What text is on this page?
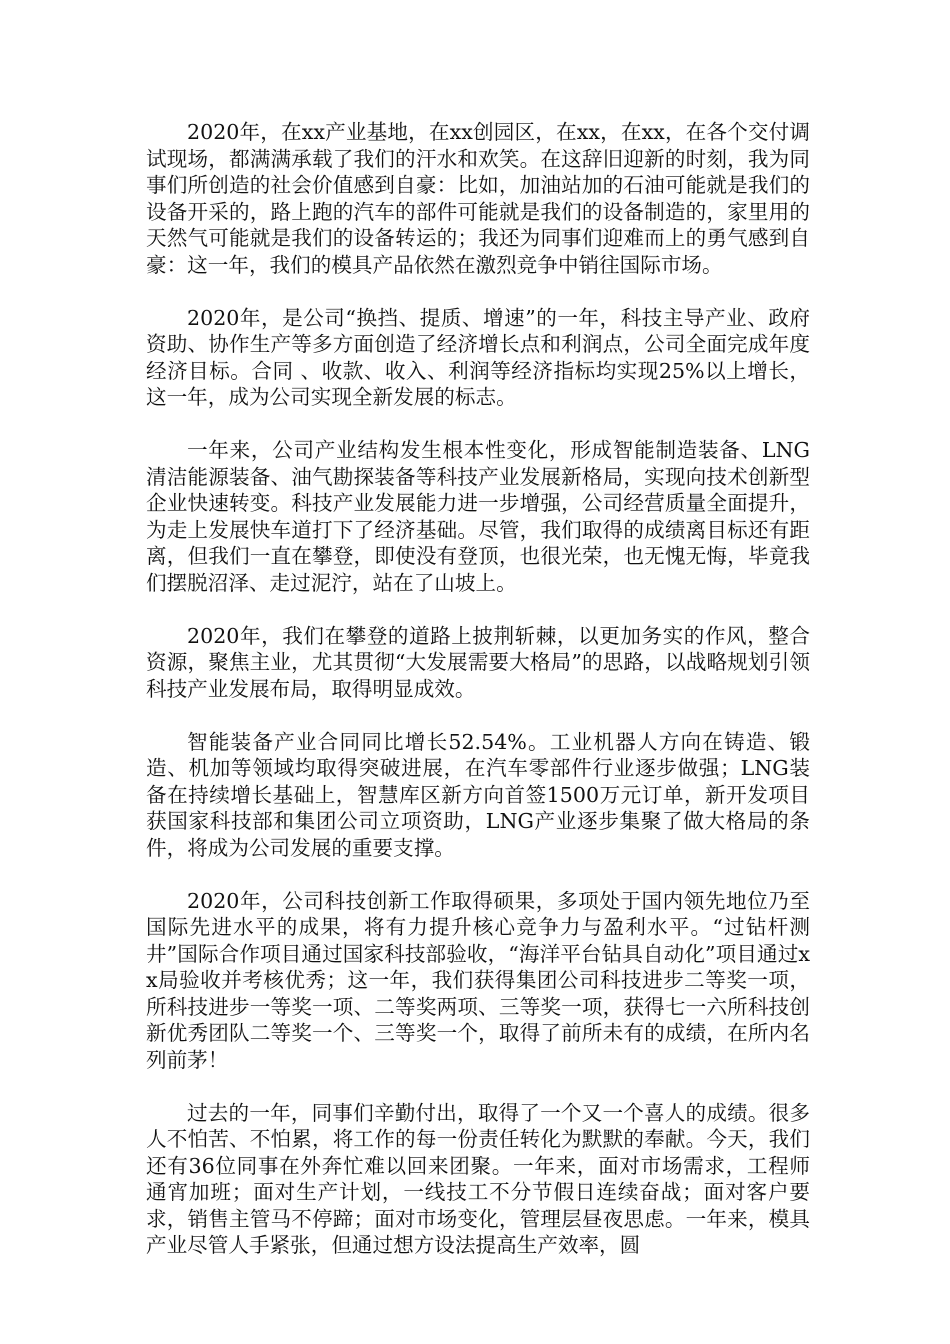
2020年，在xx产业基地，在xx创园区，在xx，在xx，在各个交付调试现场，都满满承载了我们的汗水和欢笑。在这辞旧迎新的时刻，我为同事们所创造的社会价值感到自豪：比如，加油站加的石油可能就是我们的设备开采的，路上跑的汽车的部件可能就是我们的设备制造的，家里用的天然气可能就是我们的设备转运的；我还为同事们迎难而上的勇气感到自豪：这一年，我们的模具产品依然在激烈竞争中销往国际市场。

2020年，是公司“换挡、提质、增速”的一年，科技主导产业、政府资助、协作生产等多方面创造了经济增长点和利润点，公司全面完成年度经济目标。合同 、收款、收入、利润等经济指标均实现25%以上增长，这一年，成为公司实现全新发展的标志。

一年来，公司产业结构发生根本性变化，形成智能制造装备、LNG清洁能源装备、油气勘探装备等科技产业发展新格局，实现向技术创新型企业快速转变。科技产业发展能力进一步增强，公司经营质量全面提升，为走上发展快车道打下了经济基础。尽管，我们取得的成绩离目标还有距离，但我们一直在攀登，即使没有登顶，也很光荣，也无愧无悔，毕竟我们摆脱沼泽、走过泥泞，站在了山坡上。

2020年，我们在攀登的道路上披荆斩棘，以更加务实的作风，整合资源，聚焦主业，尤其贯彻“大发展需要大格局”的思路，以战略规划引领科技产业发展布局，取得明显成效。

智能装备产业合同同比增长52.54%。工业机器人方向在铸造、锻造、机加等领域均取得突破进展，在汽车零部件行业逐步做强；LNG装备在持续增长基础上，智慧库区新方向首签1500万元订单，新开发项目获国家科技部和集团公司立项资助，LNG产业逐步集聚了做大格局的条件，将成为公司发展的重要支撑。

2020年，公司科技创新工作取得硕果，多项处于国内领先地位乃至国际先进水平的成果，将有力提升核心竞争力与盈利水平。“过钻杆测井”国际合作项目通过国家科技部验收，“海洋平台钻具自动化”项目通过xx局验收并考核优秀；这一年，我们获得集团公司科技进步二等奖一项，所科技进步一等奖一项、二等奖两项、三等奖一项，获得七一六所科技创新优秀团队二等奖一个、三等奖一个，取得了前所未有的成绩，在所内名列前茅！

过去的一年，同事们辛勤付出，取得了一个又一个喜人的成绩。很多人不怕苦、不怕累，将工作的每一份责任转化为默默的奉献。今天，我们还有36位同事在外奔忙难以回来团聚。一年来，面对市场需求，工程师通宵加班；面对生产计划，一线技工不分节假日连续奋战；面对客户要求，销售主管马不停蹄；面对市场变化，管理层昼夜思虑。一年来，模具产业尽管人手紧张，但通过想方设法提高生产效率，圆
